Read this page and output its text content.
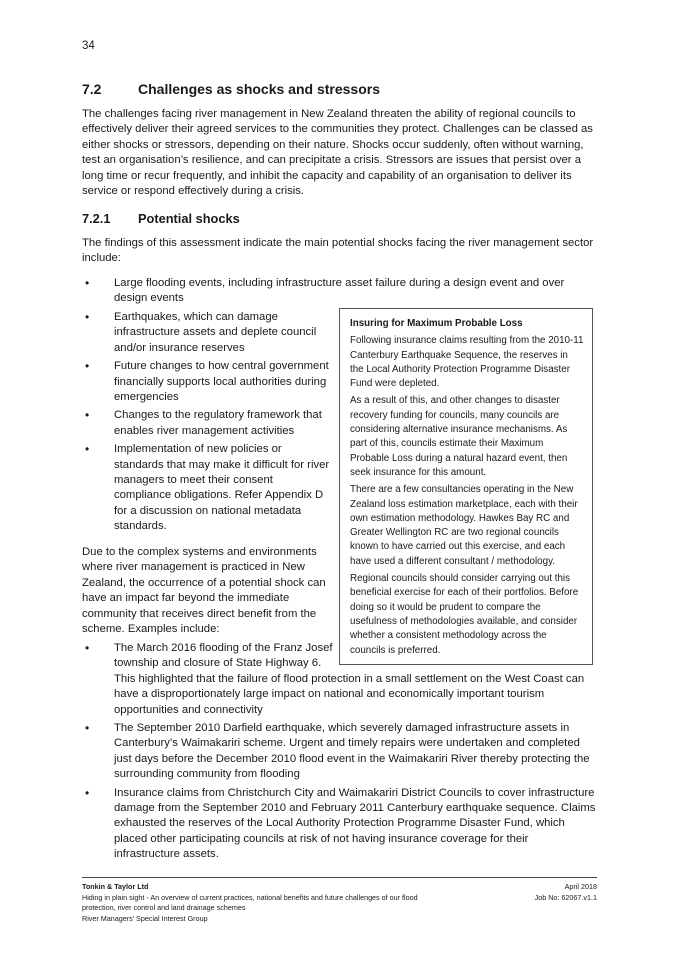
34
7.2	Challenges as shocks and stressors

The challenges facing river management in New Zealand threaten the ability of regional councils to effectively deliver their agreed services to the communities they protect. Challenges can be classed as either shocks or stressors, depending on their nature. Shocks occur suddenly, often without warning, test an organisation’s resilience, and can precipitate a crisis. Stressors are issues that persist over a long time or recur frequently, and inhibit the capacity and capability of an organisation to deliver its service or respond effectively during a crisis.

7.2.1 Potential shocks

The findings of this assessment indicate the main potential shocks facing the river management sector include:

• Large flooding events, including infrastructure asset failure during a design event and over design events
• Earthquakes, which can damage infrastructure assets and deplete council and/or insurance reserves
• Future changes to how central government financially supports local authorities during emergencies
• Changes to the regulatory framework that enables river management activities
• Implementation of new policies or standards that may make it difficult for river managers to meet their consent compliance obligations. Refer Appendix D for a discussion on national metadata standards.

Due to the complex systems and environments where river management is practiced in New Zealand, the occurrence of a potential shock can have an impact far beyond the immediate community that receives direct benefit from the scheme. Examples include:

• The March 2016 flooding of the Franz Josef township and closure of State Highway 6. This highlighted that the failure of flood protection in a small settlement on the West Coast can have a disproportionately large impact on national and economically important tourism opportunities and connectivity
• The September 2010 Darfield earthquake, which severely damaged infrastructure assets in Canterbury’s Waimakariri scheme. Urgent and timely repairs were undertaken and completed just days before the December 2010 flood event in the Waimakariri River thereby protecting the surrounding community from flooding
• Insurance claims from Christchurch City and Waimakariri District Councils to cover infrastructure damage from the September 2010 and February 2011 Canterbury earthquake sequence. Claims exhausted the reserves of the Local Authority Protection Programme Disaster Fund, which placed other participating councils at risk of not having insurance coverage for their infrastructure assets.

Insuring for Maximum Probable Loss

Following insurance claims resulting from the 2010-11 Canterbury Earthquake Sequence, the reserves in the Local Authority Protection Programme Disaster Fund were depleted.

As a result of this, and other changes to disaster recovery funding for councils, many councils are considering alternative insurance mechanisms. As part of this, councils estimate their Maximum Probable Loss during a natural hazard event, then seek insurance for this amount.

There are a few consultancies operating in the New Zealand loss estimation marketplace, each with their own estimation methodology. Hawkes Bay RC and Greater Wellington RC are two regional councils known to have carried out this exercise, and each have used a different consultant / methodology.

Regional councils should consider carrying out this beneficial exercise for each of their portfolios. Before doing so it would be prudent to compare the usefulness of methodologies available, and consider whether a consistent methodology across the councils is preferred.

Tonkin & Taylor Ltd
Hiding in plain sight - An overview of current practices, national benefits and future challenges of our flood protection, river control and land drainage schemes
River Managers’ Special Interest Group
April 2018
Job No: 62067.v1.1
